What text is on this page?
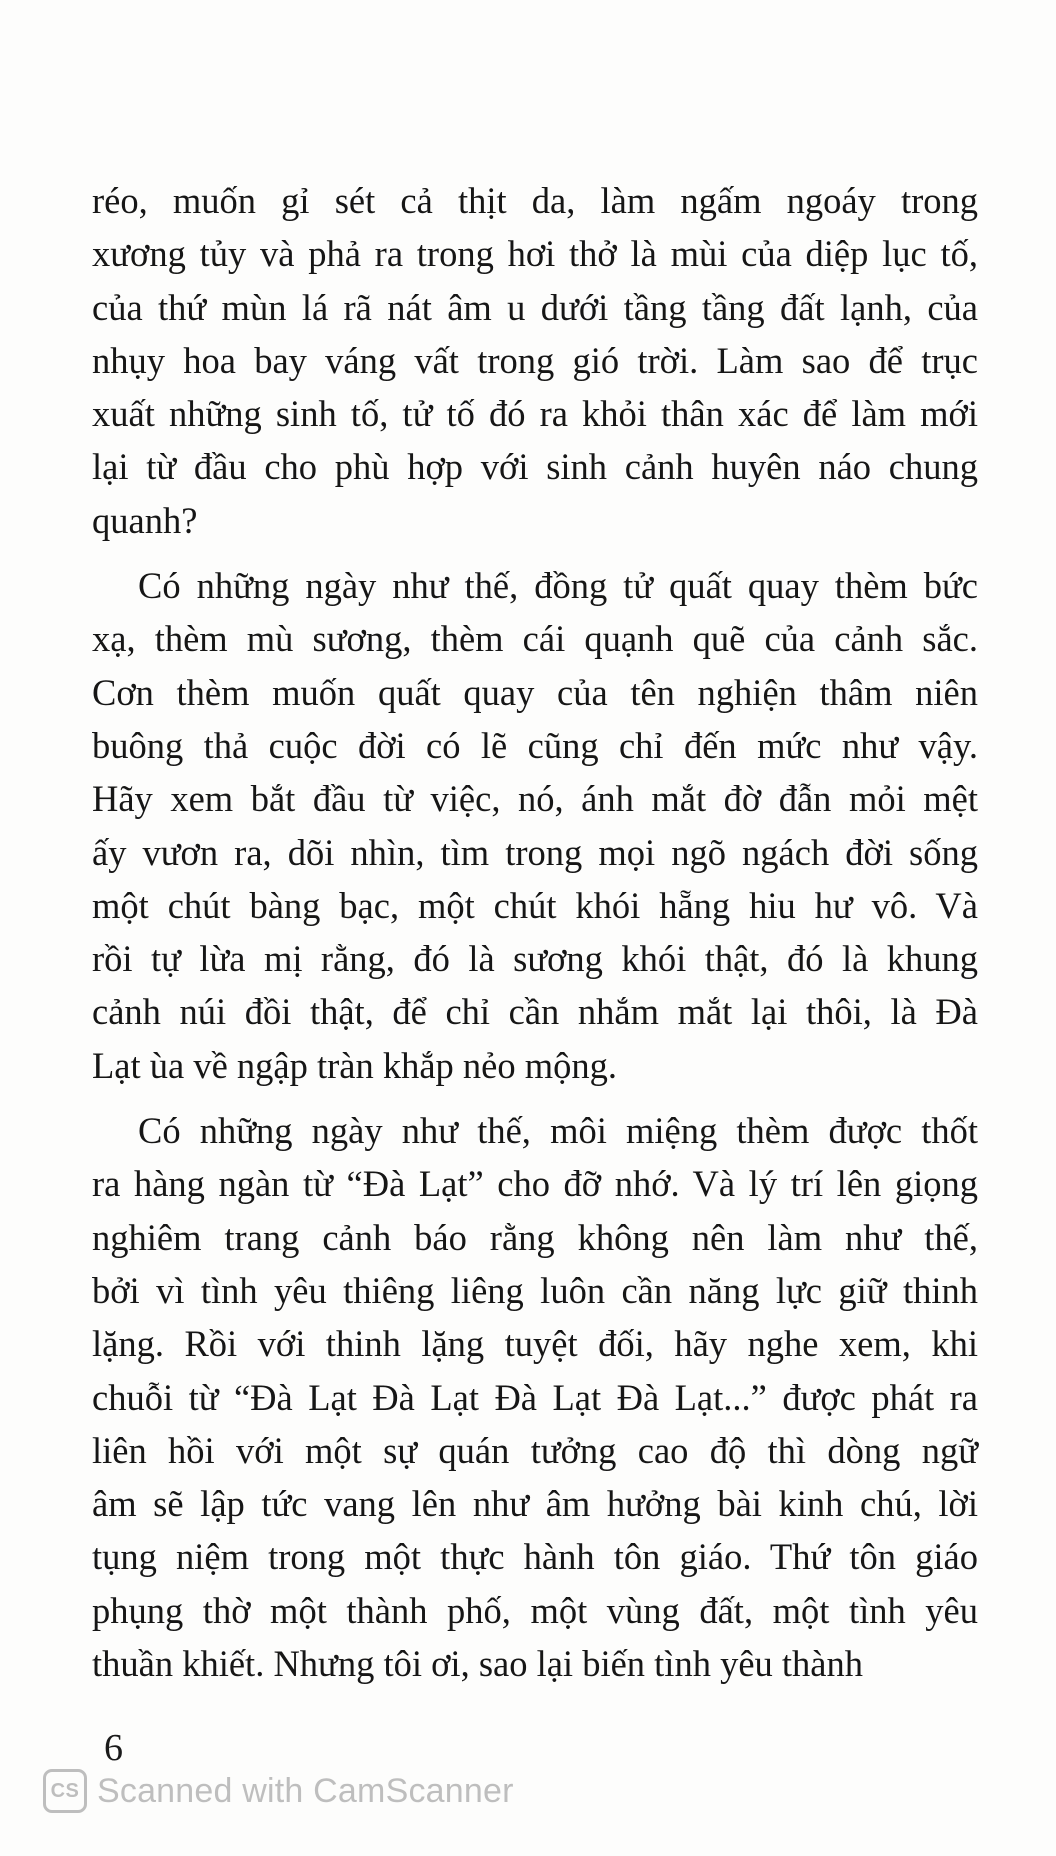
réo, muốn gỉ sét cả thịt da, làm ngấm ngoáy trong
xương tủy và phả ra trong hơi thở là mùi của diệp lục tố,
của thứ mùn lá rã nát âm u dưới tầng tầng đất lạnh, của
nhụy hoa bay váng vất trong gió trời. Làm sao để trục
xuất những sinh tố, tử tố đó ra khỏi thân xác để làm mới
lại từ đầu cho phù hợp với sinh cảnh huyên náo chung
quanh?

Có những ngày như thế, đồng tử quất quay thèm bức
xạ, thèm mù sương, thèm cái quạnh quẽ của cảnh sắc.
Cơn thèm muốn quất quay của tên nghiện thâm niên
buông thả cuộc đời có lẽ cũng chỉ đến mức như vậy.
Hãy xem bắt đầu từ việc, nó, ánh mắt đờ đẫn mỏi mệt
ấy vươn ra, dõi nhìn, tìm trong mọi ngõ ngách đời sống
một chút bàng bạc, một chút khói hẵng hiu hư vô. Và
rồi tự lừa mị rằng, đó là sương khói thật, đó là khung
cảnh núi đồi thật, để chỉ cần nhắm mắt lại thôi, là Đà
Lạt ùa về ngập tràn khắp nẻo mộng.

Có những ngày như thế, môi miệng thèm được thốt
ra hàng ngàn từ “Đà Lạt” cho đỡ nhớ. Và lý trí lên giọng
nghiêm trang cảnh báo rằng không nên làm như thế,
bởi vì tình yêu thiêng liêng luôn cần năng lực giữ thinh
lặng. Rồi với thinh lặng tuyệt đối, hãy nghe xem, khi
chuỗi từ “Đà Lạt Đà Lạt Đà Lạt Đà Lạt...” được phát ra
liên hồi với một sự quán tưởng cao độ thì dòng ngữ
âm sẽ lập tức vang lên như âm hưởng bài kinh chú, lời
tụng niệm trong một thực hành tôn giáo. Thứ tôn giáo
phụng thờ một thành phố, một vùng đất, một tình yêu
thuần khiết. Nhưng tôi ơi, sao lại biến tình yêu thành

6
CS Scanned with CamScanner
